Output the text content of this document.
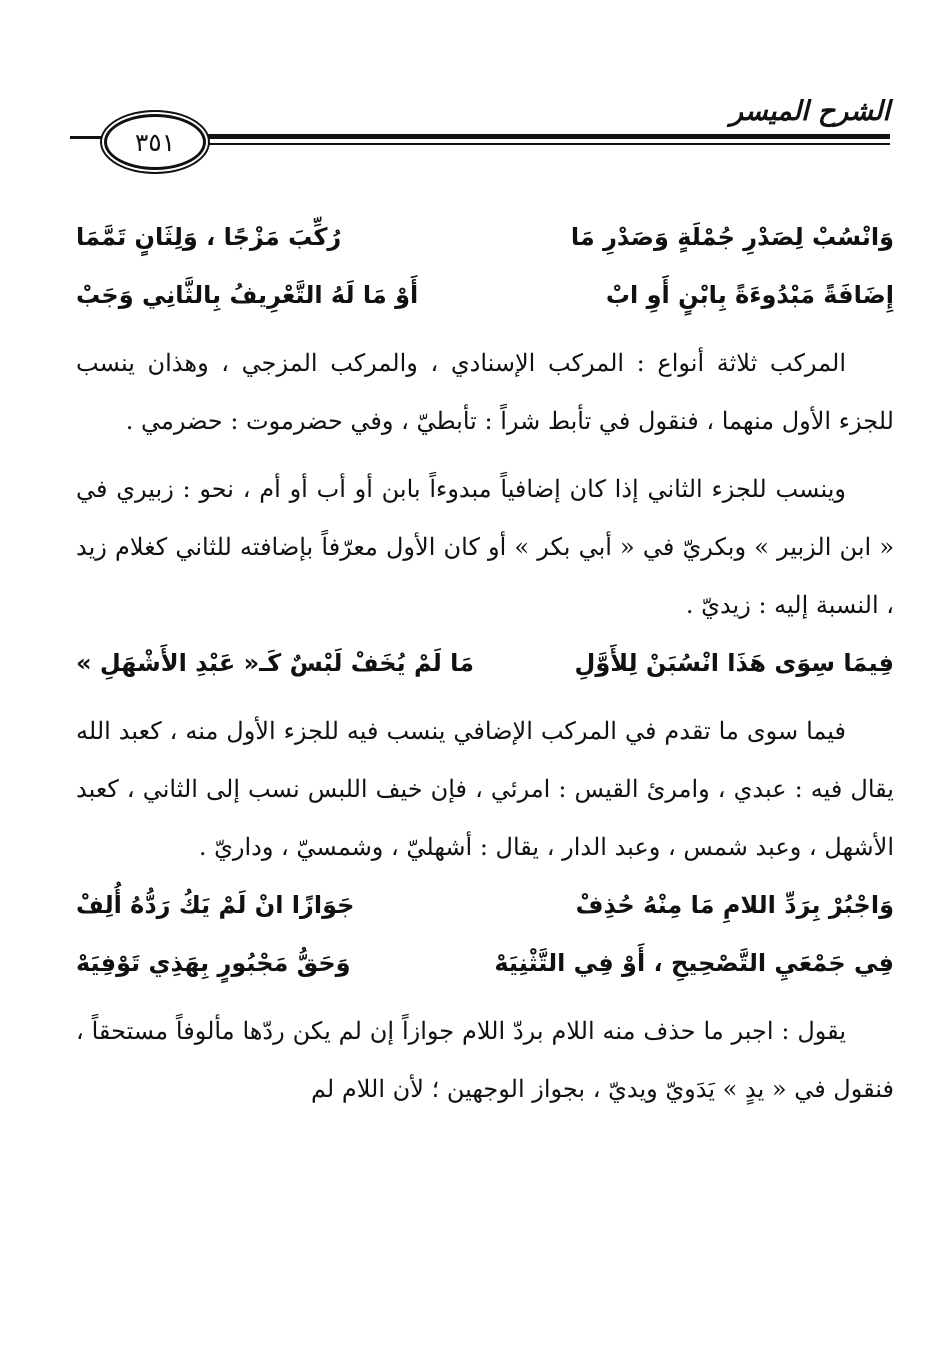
الشرح الميسر
٣٥١
وَانْسُبْ لِصَدْرِ جُمْلَةٍ وَصَدْرِ مَا
رُكِّبَ مَزْجًا ، وَلِثَانٍ تَمَّمَا
إِضَافَةً مَبْدُوءَةً بِابْنٍ أَوِ ابْ
أَوْ مَا لَهُ التَّعْرِيفُ بِالثَّانِي وَجَبْ

المركب ثلاثة أنواع : المركب الإسنادي ، والمركب المزجي ، وهذان ينسب للجزء الأول منهما ، فنقول في تأبط شراً : تأبطيّ ، وفي حضرموت : حضرمي .

وينسب للجزء الثاني إذا كان إضافياً مبدوءاً بابن أو أب أو أم ، نحو : زبيري في « ابن الزبير » وبكريّ في « أبي بكر » أو كان الأول معرّفاً بإضافته للثاني كغلام زيد ، النسبة إليه : زيديّ .

فِيمَا سِوَى هَذَا انْسُبَنْ لِلأَوَّلِ
مَا لَمْ يُخَفْ لَبْسٌ كَـ« عَبْدِ الأَشْهَلِ »

فيما سوى ما تقدم في المركب الإضافي ينسب فيه للجزء الأول منه ، كعبد الله يقال فيه : عبدي ، وامرئ القيس : امرئي ، فإن خيف اللبس نسب إلى الثاني ، كعبد الأشهل ، وعبد شمس ، وعبد الدار ، يقال : أشهليّ ، وشمسيّ ، وداريّ .

وَاجْبُرْ بِرَدِّ اللامِ مَا مِنْهُ حُذِفْ
جَوَازًا انْ لَمْ يَكُ رَدُّهُ أُلِفْ
فِي جَمْعَيِ التَّصْحِيحِ ، أَوْ فِي التَّثْنِيَهْ
وَحَقُّ مَجْبُورٍ بِهَذِي تَوْفِيَهْ

يقول : اجبر ما حذف منه اللام بردّ اللام جوازاً إن لم يكن ردّها مألوفاً مستحقاً ، فنقول في « يدٍ » يَدَويّ ويديّ ، بجواز الوجهين ؛ لأن اللام لم
